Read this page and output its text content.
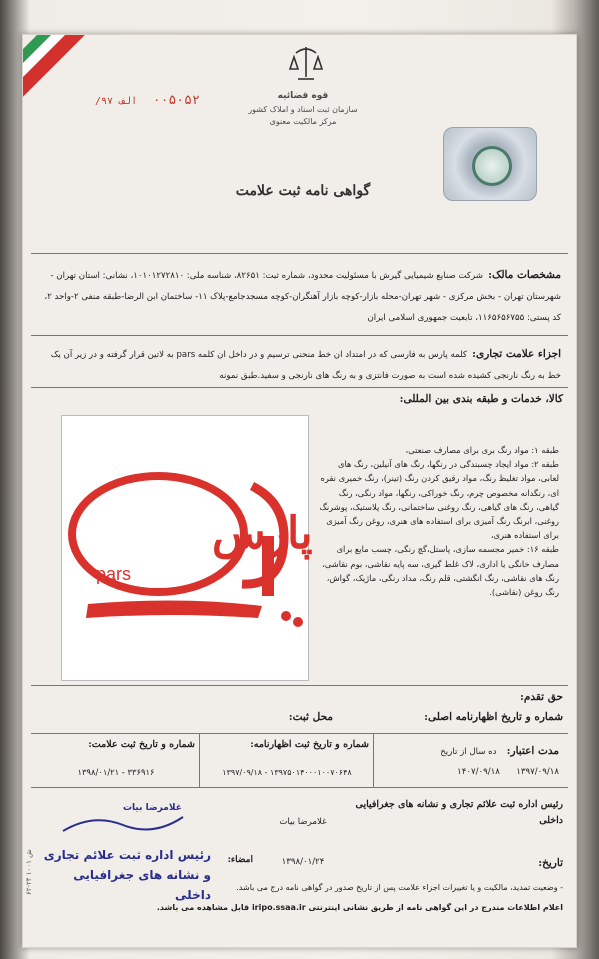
۰۰۵۰۵۲  الف ۹۷/	قوه قضائیه
سازمان ثبت اسناد و املاک کشور
مرکز مالکیت معنوی
گواهی نامه ثبت علامت
مشخصات مالک: شرکت صنایع شیمیایی گیرش با مسئولیت محدود، شماره ثبت: ۸۲۶۵۱، شناسه ملی: ۱۰۱۰۱۲۷۲۸۱۰، نشانی: استان تهران - شهرستان تهران - بخش مرکزی - شهر تهران-محله بازار-کوچه بازار آهنگران-کوچه مسجدجامع-پلاک ۱۱- ساختمان ابن الرضا-طبقه منفی ۲-واحد ۲، کد پستی: ۱۱۶۵۶۵۶۷۵۵، تابعیت جمهوری اسلامی ایران
اجزاء علامت تجاری: کلمه پارس به فارسی که در امتداد ان خط منحنی ترسیم و در داخل ان کلمه pars به لاتین قرار گرفته و در زیر آن یک خط به رنگ نارنجی کشیده شده است به صورت فانتزی و به رنگ های نارنجی و سفید.طبق نمونه
کالا، خدمات و طبقه بندی بین المللی:
pars
پارس
طبقه ۱: مواد رنگ بری برای مصارف صنعتی،
طبقه ۲: مواد ایجاد چسبندگی در رنگها، رنگ های آنیلین، رنگ های لعابی، مواد تغلیظ رنگ، مواد رقیق کردن رنگ (تینر)، رنگ خمیری نقره ای، رنگدانه مخصوص چرم، رنگ خوراکی، رنگها، مواد رنگی، رنگ گیاهی، رنگ های گیاهی، رنگ روغنی ساختمانی، رنگ پلاستیک، پوشرنگ روغنی، ابرنگ رنگ آمیزی برای استفاده های هنری، روغن رنگ آمیزی برای استفاده هنری،
طبقه ۱۶: خمیر مجسمه سازی، پاستل،گچ رنگی، چسب مایع برای مصارف خانگی یا اداری، لاک غلط گیری، سه پایه نقاشی، بوم نقاشی، رنگ های نقاشی، رنگ انگشتی، قلم رنگ، مداد رنگی، ماژیک، گواش، رنگ روغن (نقاشی).
حق تقدم:
شماره و تاریخ اظهارنامه اصلی:
محل ثبت:
مدت اعتبار:  ده سال از تاریخ
۱۳۹۷/۰۹/۱۸      ۱۴۰۷/۰۹/۱۸
شماره و تاریخ ثبت اظهارنامه:
۱۳۹۷/۰۹/۱۸ - ۱۳۹۷۵۰۱۴۰۰۰۱۰۰۷۰۶۴۸
شماره و تاریخ ثبت علامت:
۱۳۹۸/۰۱/۲۱ - ۳۳۶۹۱۶
رئیس اداره ثبت علائم تجاری و نشانه های جغرافیایی داخلی
غلامرضا بیات
تاریخ:
۱۳۹۸/۰۱/۲۴
امضاء:
غلامرضا بیات
رئیس اداره ثبت علائم تجاری
و نشانه های جغرافیایی داخلی
- وضعیت تمدید، مالکیت و یا تغییرات اجزاء علامت پس از تاریخ صدور در گواهی نامه درج می باشد.
اعلام اطلاعات مندرج در این گواهی نامه از طریق نشانی اینترنتی iripo.ssaa.ir قابل مشاهده می باشد.
۶۲-۲۴ ش ۱۰۰۱
